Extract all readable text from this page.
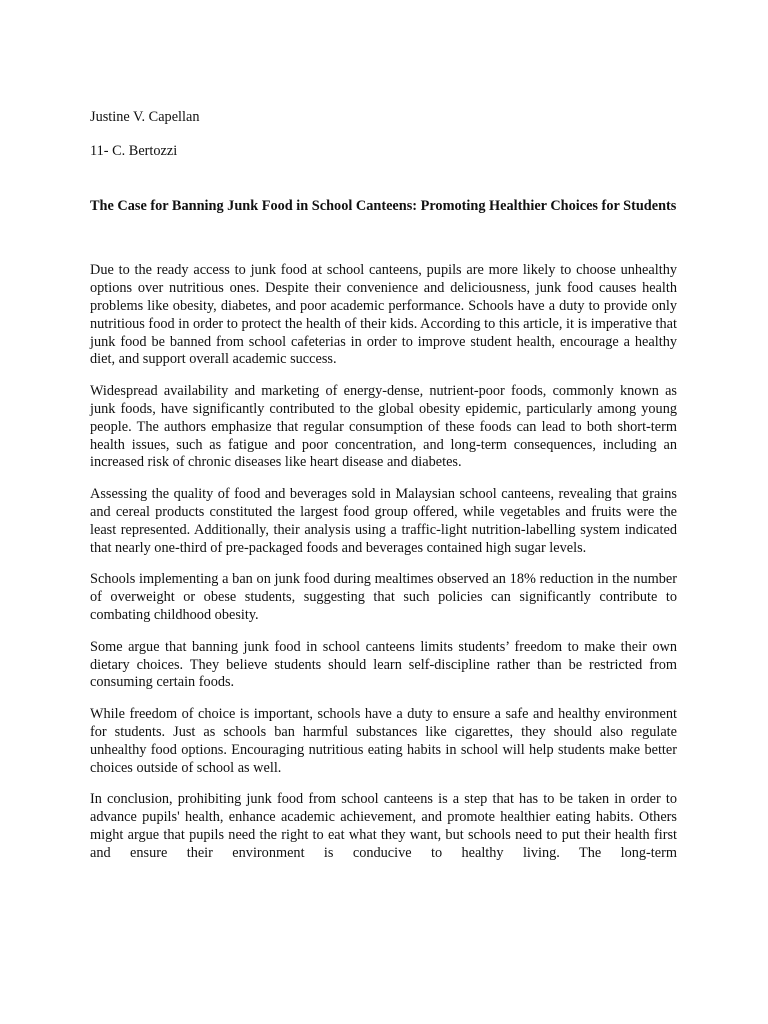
Justine V. Capellan

11- C. Bertozzi

The Case for Banning Junk Food in School Canteens: Promoting Healthier Choices for Students

Due to the ready access to junk food at school canteens, pupils are more likely to choose unhealthy options over nutritious ones. Despite their convenience and deliciousness, junk food causes health problems like obesity, diabetes, and poor academic performance. Schools have a duty to provide only nutritious food in order to protect the health of their kids. According to this article, it is imperative that junk food be banned from school cafeterias in order to improve student health, encourage a healthy diet, and support overall academic success.

Widespread availability and marketing of energy-dense, nutrient-poor foods, commonly known as junk foods, have significantly contributed to the global obesity epidemic, particularly among young people. The authors emphasize that regular consumption of these foods can lead to both short-term health issues, such as fatigue and poor concentration, and long-term consequences, including an increased risk of chronic diseases like heart disease and diabetes.

Assessing the quality of food and beverages sold in Malaysian school canteens, revealing that grains and cereal products constituted the largest food group offered, while vegetables and fruits were the least represented. Additionally, their analysis using a traffic-light nutrition-labelling system indicated that nearly one-third of pre-packaged foods and beverages contained high sugar levels.

Schools implementing a ban on junk food during mealtimes observed an 18% reduction in the number of overweight or obese students, suggesting that such policies can significantly contribute to combating childhood obesity.

Some argue that banning junk food in school canteens limits students’ freedom to make their own dietary choices. They believe students should learn self-discipline rather than be restricted from consuming certain foods.

While freedom of choice is important, schools have a duty to ensure a safe and healthy environment for students. Just as schools ban harmful substances like cigarettes, they should also regulate unhealthy food options. Encouraging nutritious eating habits in school will help students make better choices outside of school as well.

In conclusion, prohibiting junk food from school canteens is a step that has to be taken in order to advance pupils' health, enhance academic achievement, and promote healthier eating habits. Others might argue that pupils need the right to eat what they want, but schools need to put their health first and ensure their environment is conducive to healthy living. The long-term
